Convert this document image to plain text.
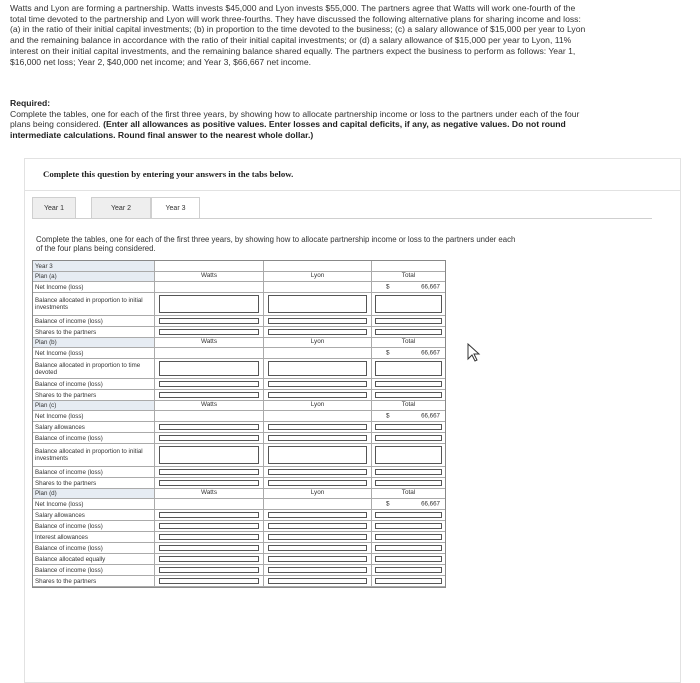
Watts and Lyon are forming a partnership. Watts invests $45,000 and Lyon invests $55,000. The partners agree that Watts will work one-fourth of the total time devoted to the partnership and Lyon will work three-fourths. They have discussed the following alternative plans for sharing income and loss: (a) in the ratio of their initial capital investments; (b) in proportion to the time devoted to the business; (c) a salary allowance of $15,000 per year to Lyon and the remaining balance in accordance with the ratio of their initial capital investments; or (d) a salary allowance of $15,000 per year to Lyon, 11% interest on their initial capital investments, and the remaining balance shared equally. The partners expect the business to perform as follows: Year 1, $16,000 net loss; Year 2, $40,000 net income; and Year 3, $66,667 net income.
Required:
Complete the tables, one for each of the first three years, by showing how to allocate partnership income or loss to the partners under each of the four plans being considered. (Enter all allowances as positive values. Enter losses and capital deficits, if any, as negative values. Do not round intermediate calculations. Round final answer to the nearest whole dollar.)
Complete this question by entering your answers in the tabs below.
Year 1	Year 2	Year 3
Complete the tables, one for each of the first three years, by showing how to allocate partnership income or loss to the partners under each of the four plans being considered.
Year 3
Plan (a)	Watts	Lyon	Total
Net Income (loss)	$	66,667
Balance allocated in proportion to initial investments
Balance of income (loss)
Shares to the partners
Plan (b)	Watts	Lyon	Total
Net Income (loss)	$	66,667
Balance allocated in proportion to time devoted
Balance of income (loss)
Shares to the partners
Plan (c)	Watts	Lyon	Total
Net Income (loss)	$	66,667
Salary allowances
Balance of income (loss)
Balance allocated in proportion to initial investments
Balance of income (loss)
Shares to the partners
Plan (d)	Watts	Lyon	Total
Net Income (loss)	$	66,667
Salary allowances
Balance of income (loss)
Interest allowances
Balance of income (loss)
Balance allocated equally
Balance of income (loss)
Shares to the partners
